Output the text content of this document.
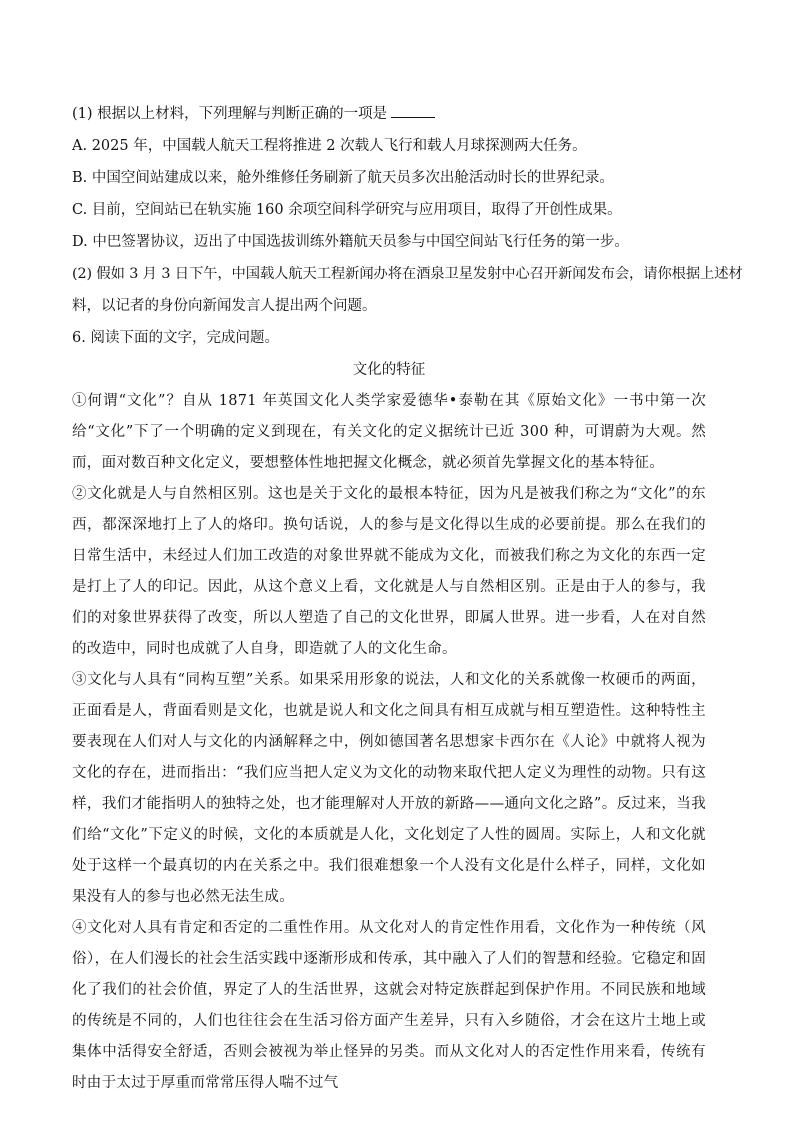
(1) 根据以上材料，下列理解与判断正确的一项是

A. 2025 年，中国载人航天工程将推进 2 次载人飞行和载人月球探测两大任务。

B. 中国空间站建成以来，舱外维修任务刷新了航天员多次出舱活动时长的世界纪录。

C. 目前，空间站已在轨实施 160 余项空间科学研究与应用项目，取得了开创性成果。

D. 中巴签署协议，迈出了中国选拔训练外籍航天员参与中国空间站飞行任务的第一步。

(2) 假如 3 月 3 日下午，中国载人航天工程新闻办将在酒泉卫星发射中心召开新闻发布会，请你根据上述材

料，以记者的身份向新闻发言人提出两个问题。

6. 阅读下面的文字，完成问题。

文化的特征

①何谓“文化”？自从 1871 年英国文化人类学家爱德华•泰勒在其《原始文化》一书中第一次给“文化”下了一个明确的定义到现在，有关文化的定义据统计已近 300 种，可谓蔚为大观。然而，面对数百种文化定义，要想整体性地把握文化概念，就必须首先掌握文化的基本特征。

②文化就是人与自然相区别。这也是关于文化的最根本特征，因为凡是被我们称之为“文化”的东西，都深深地打上了人的烙印。换句话说，人的参与是文化得以生成的必要前提。那么在我们的日常生活中，未经过人们加工改造的对象世界就不能成为文化，而被我们称之为文化的东西一定是打上了人的印记。因此，从这个意义上看，文化就是人与自然相区别。正是由于人的参与，我们的对象世界获得了改变，所以人塑造了自己的文化世界，即属人世界。进一步看，人在对自然的改造中，同时也成就了人自身，即造就了人的文化生命。

③文化与人具有“同构互塑”关系。如果采用形象的说法，人和文化的关系就像一枚硬币的两面，正面看是人，背面看则是文化，也就是说人和文化之间具有相互成就与相互塑造性。这种特性主要表现在人们对人与文化的内涵解释之中，例如德国著名思想家卡西尔在《人论》中就将人视为文化的存在，进而指出：“我们应当把人定义为文化的动物来取代把人定义为理性的动物。只有这样，我们才能指明人的独特之处，也才能理解对人开放的新路——通向文化之路”。反过来，当我们给“文化”下定义的时候，文化的本质就是人化，文化划定了人性的圆周。实际上，人和文化就处于这样一个最真切的内在关系之中。我们很难想象一个人没有文化是什么样子，同样，文化如果没有人的参与也必然无法生成。

④文化对人具有肯定和否定的二重性作用。从文化对人的肯定性作用看，文化作为一种传统（风俗），在人们漫长的社会生活实践中逐渐形成和传承，其中融入了人们的智慧和经验。它稳定和固化了我们的社会价值，界定了人的生活世界，这就会对特定族群起到保护作用。不同民族和地域的传统是不同的，人们也往往会在生活习俗方面产生差异，只有入乡随俗，才会在这片土地上或集体中活得安全舒适，否则会被视为举止怪异的另类。而从文化对人的否定性作用来看，传统有时由于太过于厚重而常常压得人喘不过气
